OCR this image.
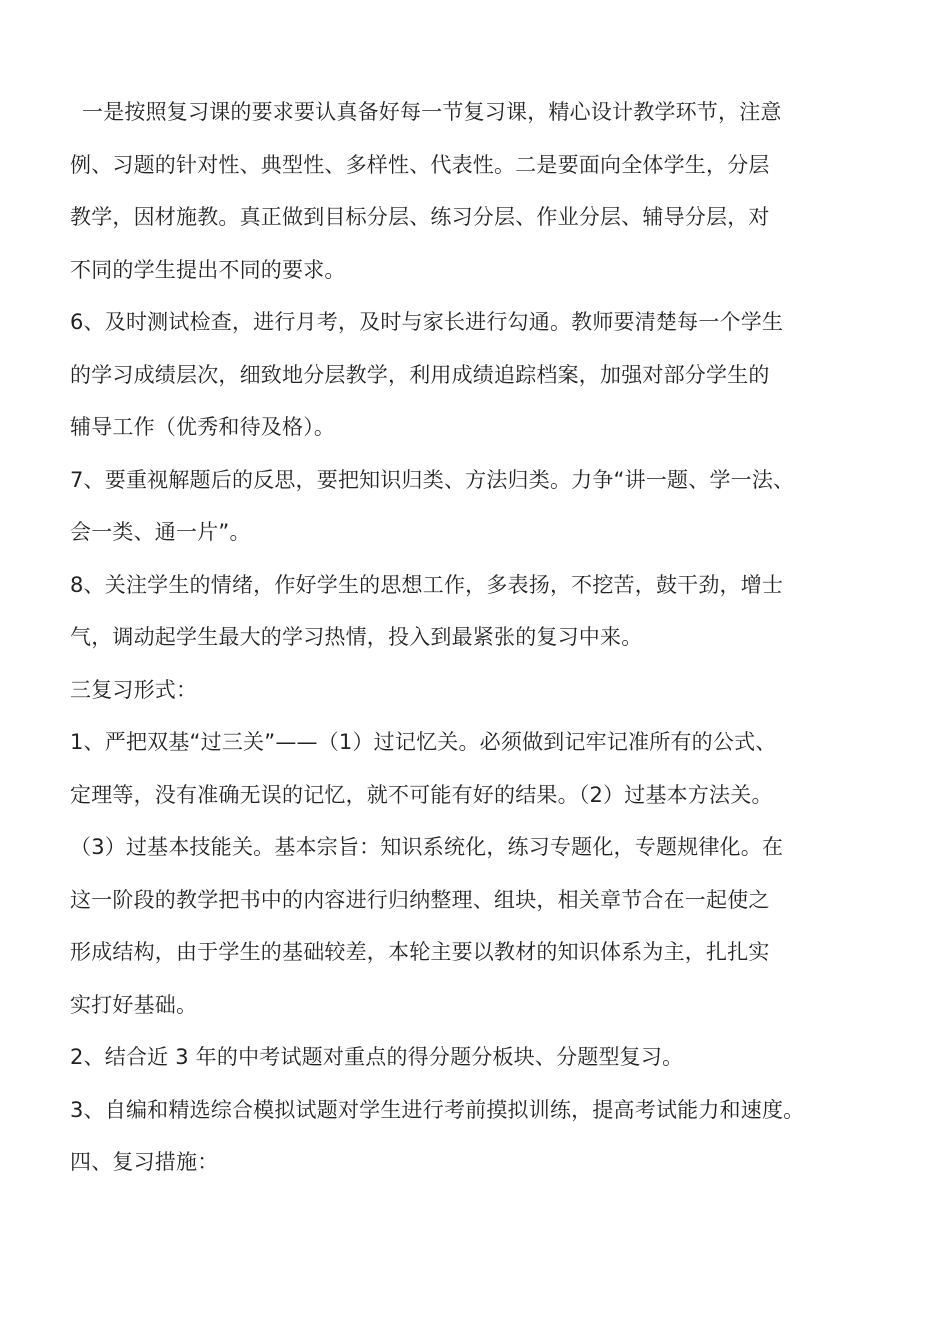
一是按照复习课的要求要认真备好每一节复习课，精心设计教学环节，注意
例、习题的针对性、典型性、多样性、代表性。二是要面向全体学生，分层
教学，因材施教。真正做到目标分层、练习分层、作业分层、辅导分层，对
不同的学生提出不同的要求。
6、及时测试检查，进行月考，及时与家长进行勾通。教师要清楚每一个学生
的学习成绩层次，细致地分层教学，利用成绩追踪档案，加强对部分学生的
辅导工作（优秀和待及格）。
7、要重视解题后的反思，要把知识归类、方法归类。力争“讲一题、学一法、
会一类、通一片”。
8、关注学生的情绪，作好学生的思想工作，多表扬，不挖苦，鼓干劲，增士
气，调动起学生最大的学习热情，投入到最紧张的复习中来。
三复习形式：
1、严把双基“过三关”——（1）过记忆关。必须做到记牢记准所有的公式、
定理等，没有准确无误的记忆，就不可能有好的结果。（2）过基本方法关。
（3）过基本技能关。基本宗旨：知识系统化，练习专题化，专题规律化。在
这一阶段的教学把书中的内容进行归纳整理、组块，相关章节合在一起使之
形成结构，由于学生的基础较差，本轮主要以教材的知识体系为主，扎扎实
实打好基础。
2、结合近 3 年的中考试题对重点的得分题分板块、分题型复习。
3、自编和精选综合模拟试题对学生进行考前摸拟训练，提高考试能力和速度。
四、复习措施：
